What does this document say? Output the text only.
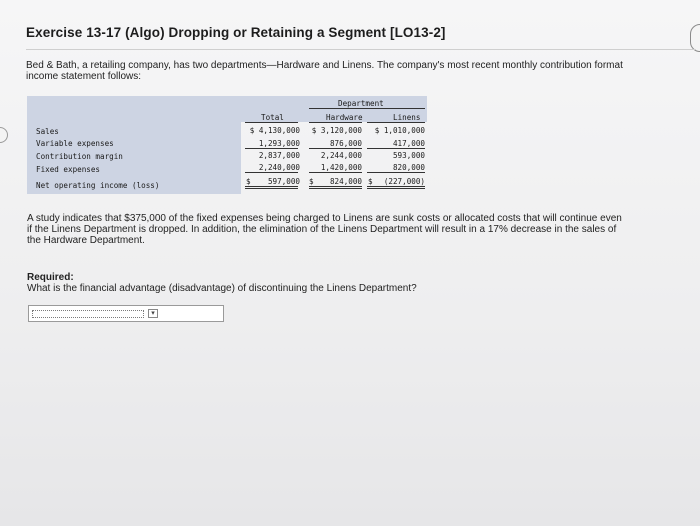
Exercise 13-17 (Algo) Dropping or Retaining a Segment [LO13-2]
Bed & Bath, a retailing company, has two departments—Hardware and Linens. The company's most recent monthly contribution format income statement follows:
Department
Total	Hardware	Linens
Sales	$ 4,130,000 $ 3,120,000 $ 1,010,000
Variable expenses	1,293,000	876,000	417,000
Contribution margin	2,837,000	2,244,000	593,000
Fixed expenses	2,240,000	1,420,000	820,000
Net operating income (loss)	$ 597,000 $ 824,000 $ (227,000)
A study indicates that $375,000 of the fixed expenses being charged to Linens are sunk costs or allocated costs that will continue even if the Linens Department is dropped. In addition, the elimination of the Linens Department will result in a 17% decrease in the sales of the Hardware Department.
Required:
What is the financial advantage (disadvantage) of discontinuing the Linens Department?
▾
